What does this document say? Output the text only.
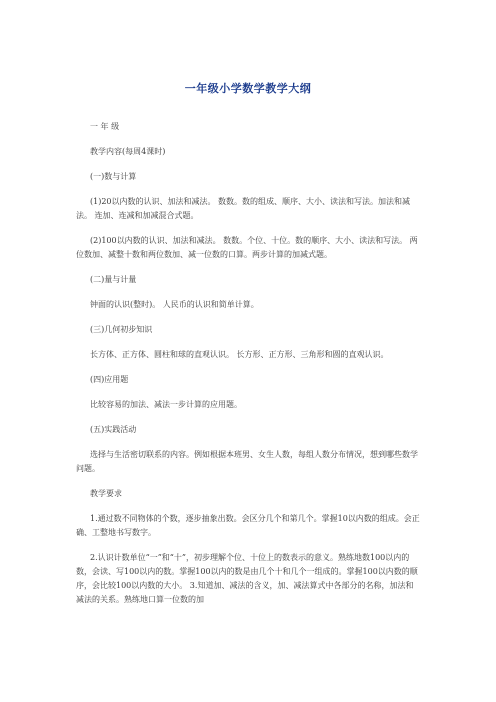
一年级小学数学教学大纲

一 年 级

教学内容(每周4课时)

(一)数与计算

(1)20以内数的认识、加法和减法。 数数。数的组成、顺序、大小、读法和写法。加法和减法。 连加、连减和加减混合式题。

(2)100以内数的认识、加法和减法。 数数。个位、十位。数的顺序、大小、读法和写法。 两位数加、减整十数和两位数加、减一位数的口算。两步计算的加减式题。

(二)量与计量

钟面的认识(整时)。 人民币的认识和简单计算。

(三)几何初步知识

长方体、正方体、圆柱和球的直观认识。 长方形、正方形、三角形和圆的直观认识。

(四)应用题

比较容易的加法、减法一步计算的应用题。

(五)实践活动

选择与生活密切联系的内容。例如根据本班男、女生人数，每组人数分布情况，想到哪些数学问题。

教学要求

1.通过数不同物体的个数，逐步抽象出数。会区分几个和第几个。掌握10以内数的组成。会正确、工整地书写数字。

2.认识计数单位“一”和“十”，初步理解个位、十位上的数表示的意义。熟练地数100以内的数，会读、写100以内的数。掌握100以内的数是由几个十和几个一组成的。掌握100以内数的顺序，会比较100以内数的大小。 3.知道加、减法的含义，加、减法算式中各部分的名称，加法和减法的关系。熟练地口算一位数的加
